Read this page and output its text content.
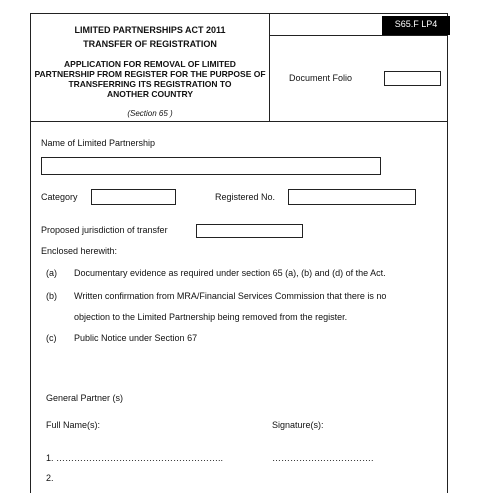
LIMITED PARTNERSHIPS ACT 2011
TRANSFER OF REGISTRATION
APPLICATION FOR REMOVAL OF LIMITED
PARTNERSHIP FROM REGISTER FOR THE PURPOSE OF
TRANSFERRING ITS REGISTRATION TO
ANOTHER COUNTRY
(Section 65 )
S65.F LP4
Document Folio
Name of Limited Partnership
Category	Registered No.
Proposed jurisdiction of transfer
Enclosed herewith:
(a) Documentary evidence as required under section 65 (a), (b) and (d) of the Act.
(b) Written confirmation from MRA/Financial Services Commission that there is no
objection to the Limited Partnership being removed from the register.
(c) Public Notice under Section 67
General Partner (s)
Full Name(s):	Signature(s):
1. ………………………………………………..	…………………………….
2.
